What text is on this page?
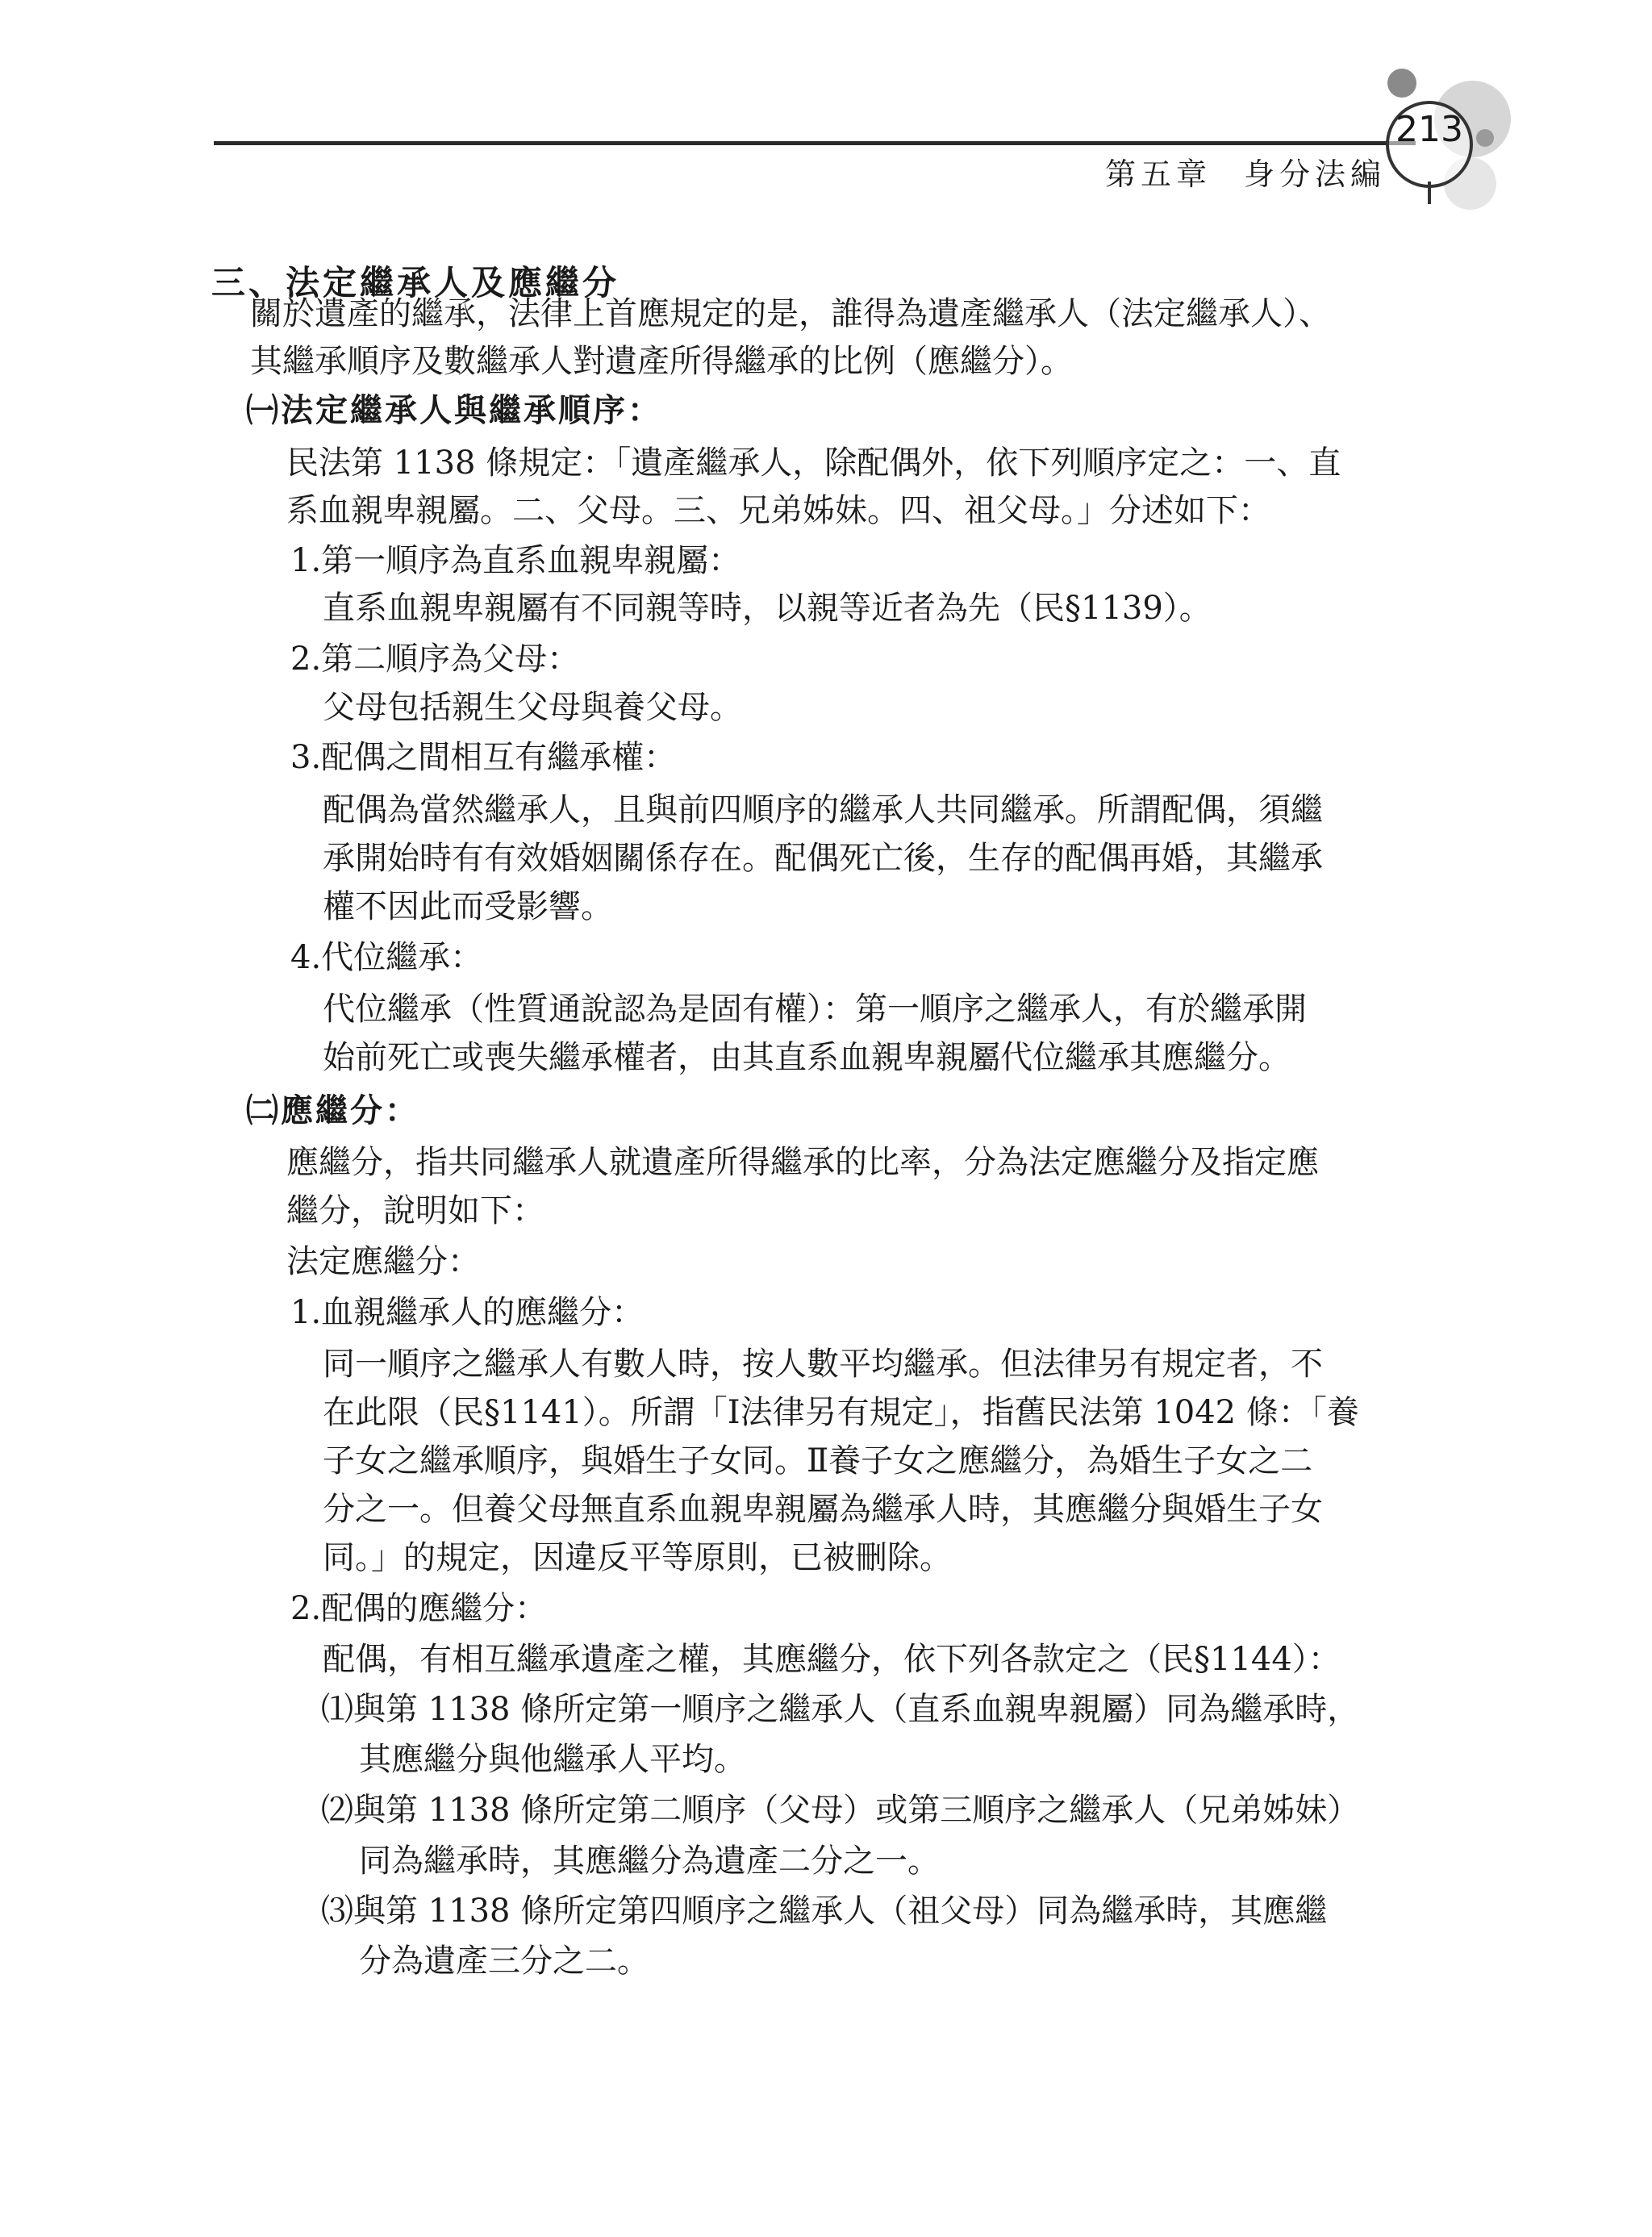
213
第五章 身分法編
三、法定繼承人及應繼分
關於遺產的繼承，法律上首應規定的是，誰得為遺產繼承人（法定繼承人）、
其繼承順序及數繼承人對遺產所得繼承的比例（應繼分）。
㈠法定繼承人與繼承順序：
民法第 1138 條規定：「遺產繼承人，除配偶外，依下列順序定之：一、直
系血親卑親屬。二、父母。三、兄弟姊妹。四、祖父母。」分述如下：
1.第一順序為直系血親卑親屬：
直系血親卑親屬有不同親等時，以親等近者為先（民§1139）。
2.第二順序為父母：
父母包括親生父母與養父母。
3.配偶之間相互有繼承權：
配偶為當然繼承人，且與前四順序的繼承人共同繼承。所謂配偶，須繼
承開始時有有效婚姻關係存在。配偶死亡後，生存的配偶再婚，其繼承
權不因此而受影響。
4.代位繼承：
代位繼承（性質通說認為是固有權）：第一順序之繼承人，有於繼承開
始前死亡或喪失繼承權者，由其直系血親卑親屬代位繼承其應繼分。
㈡應繼分：
應繼分，指共同繼承人就遺產所得繼承的比率，分為法定應繼分及指定應
繼分，說明如下：
法定應繼分：
1.血親繼承人的應繼分：
同一順序之繼承人有數人時，按人數平均繼承。但法律另有規定者，不
在此限（民§1141）。所謂「Ⅰ法律另有規定」，指舊民法第 1042 條：「養
子女之繼承順序，與婚生子女同。Ⅱ養子女之應繼分，為婚生子女之二
分之一。但養父母無直系血親卑親屬為繼承人時，其應繼分與婚生子女
同。」的規定，因違反平等原則，已被刪除。
2.配偶的應繼分：
配偶，有相互繼承遺產之權，其應繼分，依下列各款定之（民§1144）：
⑴與第 1138 條所定第一順序之繼承人（直系血親卑親屬）同為繼承時，
其應繼分與他繼承人平均。
⑵與第 1138 條所定第二順序（父母）或第三順序之繼承人（兄弟姊妹）
同為繼承時，其應繼分為遺產二分之一。
⑶與第 1138 條所定第四順序之繼承人（祖父母）同為繼承時，其應繼
分為遺產三分之二。
